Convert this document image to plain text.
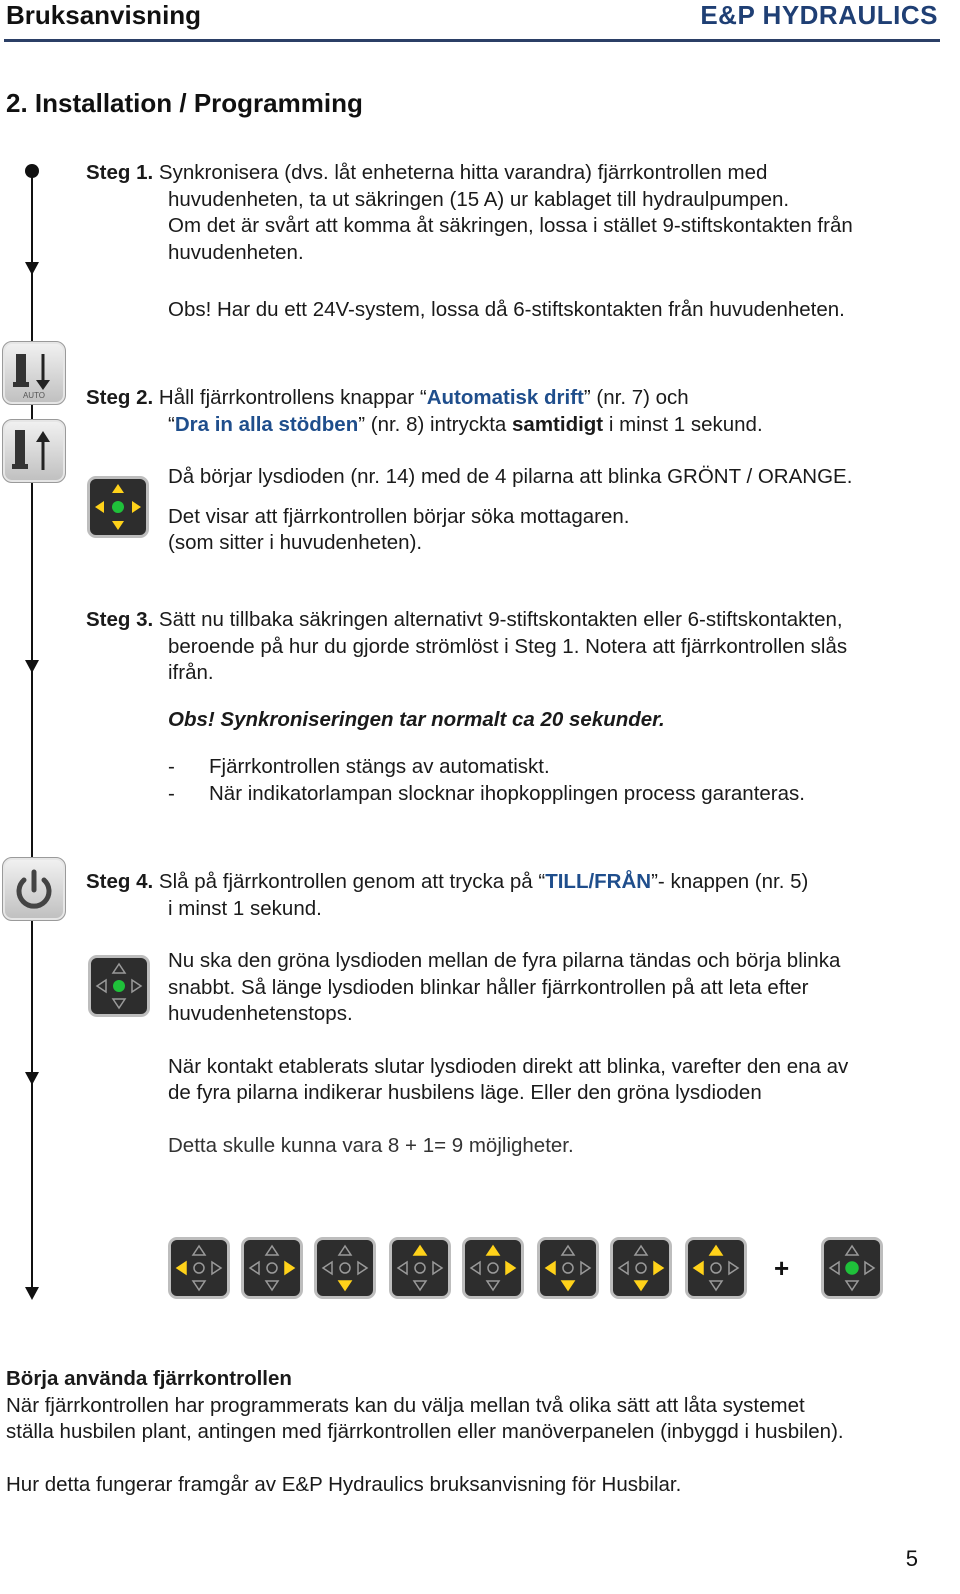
Bruksanvisning	E&P HYDRAULICS
2. Installation / Programming
Steg 1. Synkronisera (dvs. låt enheterna hitta varandra) fjärrkontrollen med
huvudenheten, ta ut säkringen (15 A) ur kablaget till hydraulpumpen.
Om det är svårt att komma åt säkringen, lossa i stället 9-stiftskontakten från
huvudenheten.
Obs! Har du ett 24V-system, lossa då 6-stiftskontakten från huvudenheten.
AUTO Steg 2. Håll fjärrkontrollens knappar “Automatisk drift” (nr. 7) och
“Dra in alla stödben” (nr. 8) intryckta samtidigt i minst 1 sekund.
Då börjar lysdioden (nr. 14) med de 4 pilarna att blinka GRÖNT / ORANGE.
Det visar att fjärrkontrollen börjar söka mottagaren.
(som sitter i huvudenheten).
Steg 3. Sätt nu tillbaka säkringen alternativt 9-stiftskontakten eller 6-stiftskontakten,
beroende på hur du gjorde strömlöst i Steg 1. Notera att fjärrkontrollen slås
ifrån.
Obs! Synkroniseringen tar normalt ca 20 sekunder.
- Fjärrkontrollen stängs av automatiskt.
- När indikatorlampan slocknar ihopkopplingen process garanteras.
Steg 4. Slå på fjärrkontrollen genom att trycka på “TILL/FRÅN”- knappen (nr. 5)
i minst 1 sekund.
Nu ska den gröna lysdioden mellan de fyra pilarna tändas och börja blinka
snabbt. Så länge lysdioden blinkar håller fjärrkontrollen på att leta efter
huvudenhetenstops.
När kontakt etablerats slutar lysdioden direkt att blinka, varefter den ena av
de fyra pilarna indikerar husbilens läge. Eller den gröna lysdioden
Detta skulle kunna vara 8 + 1= 9 möjligheter.
+
Börja använda fjärrkontrollen
När fjärrkontrollen har programmerats kan du välja mellan två olika sätt att låta systemet
ställa husbilen plant, antingen med fjärrkontrollen eller manöverpanelen (inbyggd i husbilen).
Hur detta fungerar framgår av E&P Hydraulics bruksanvisning för Husbilar.
5
